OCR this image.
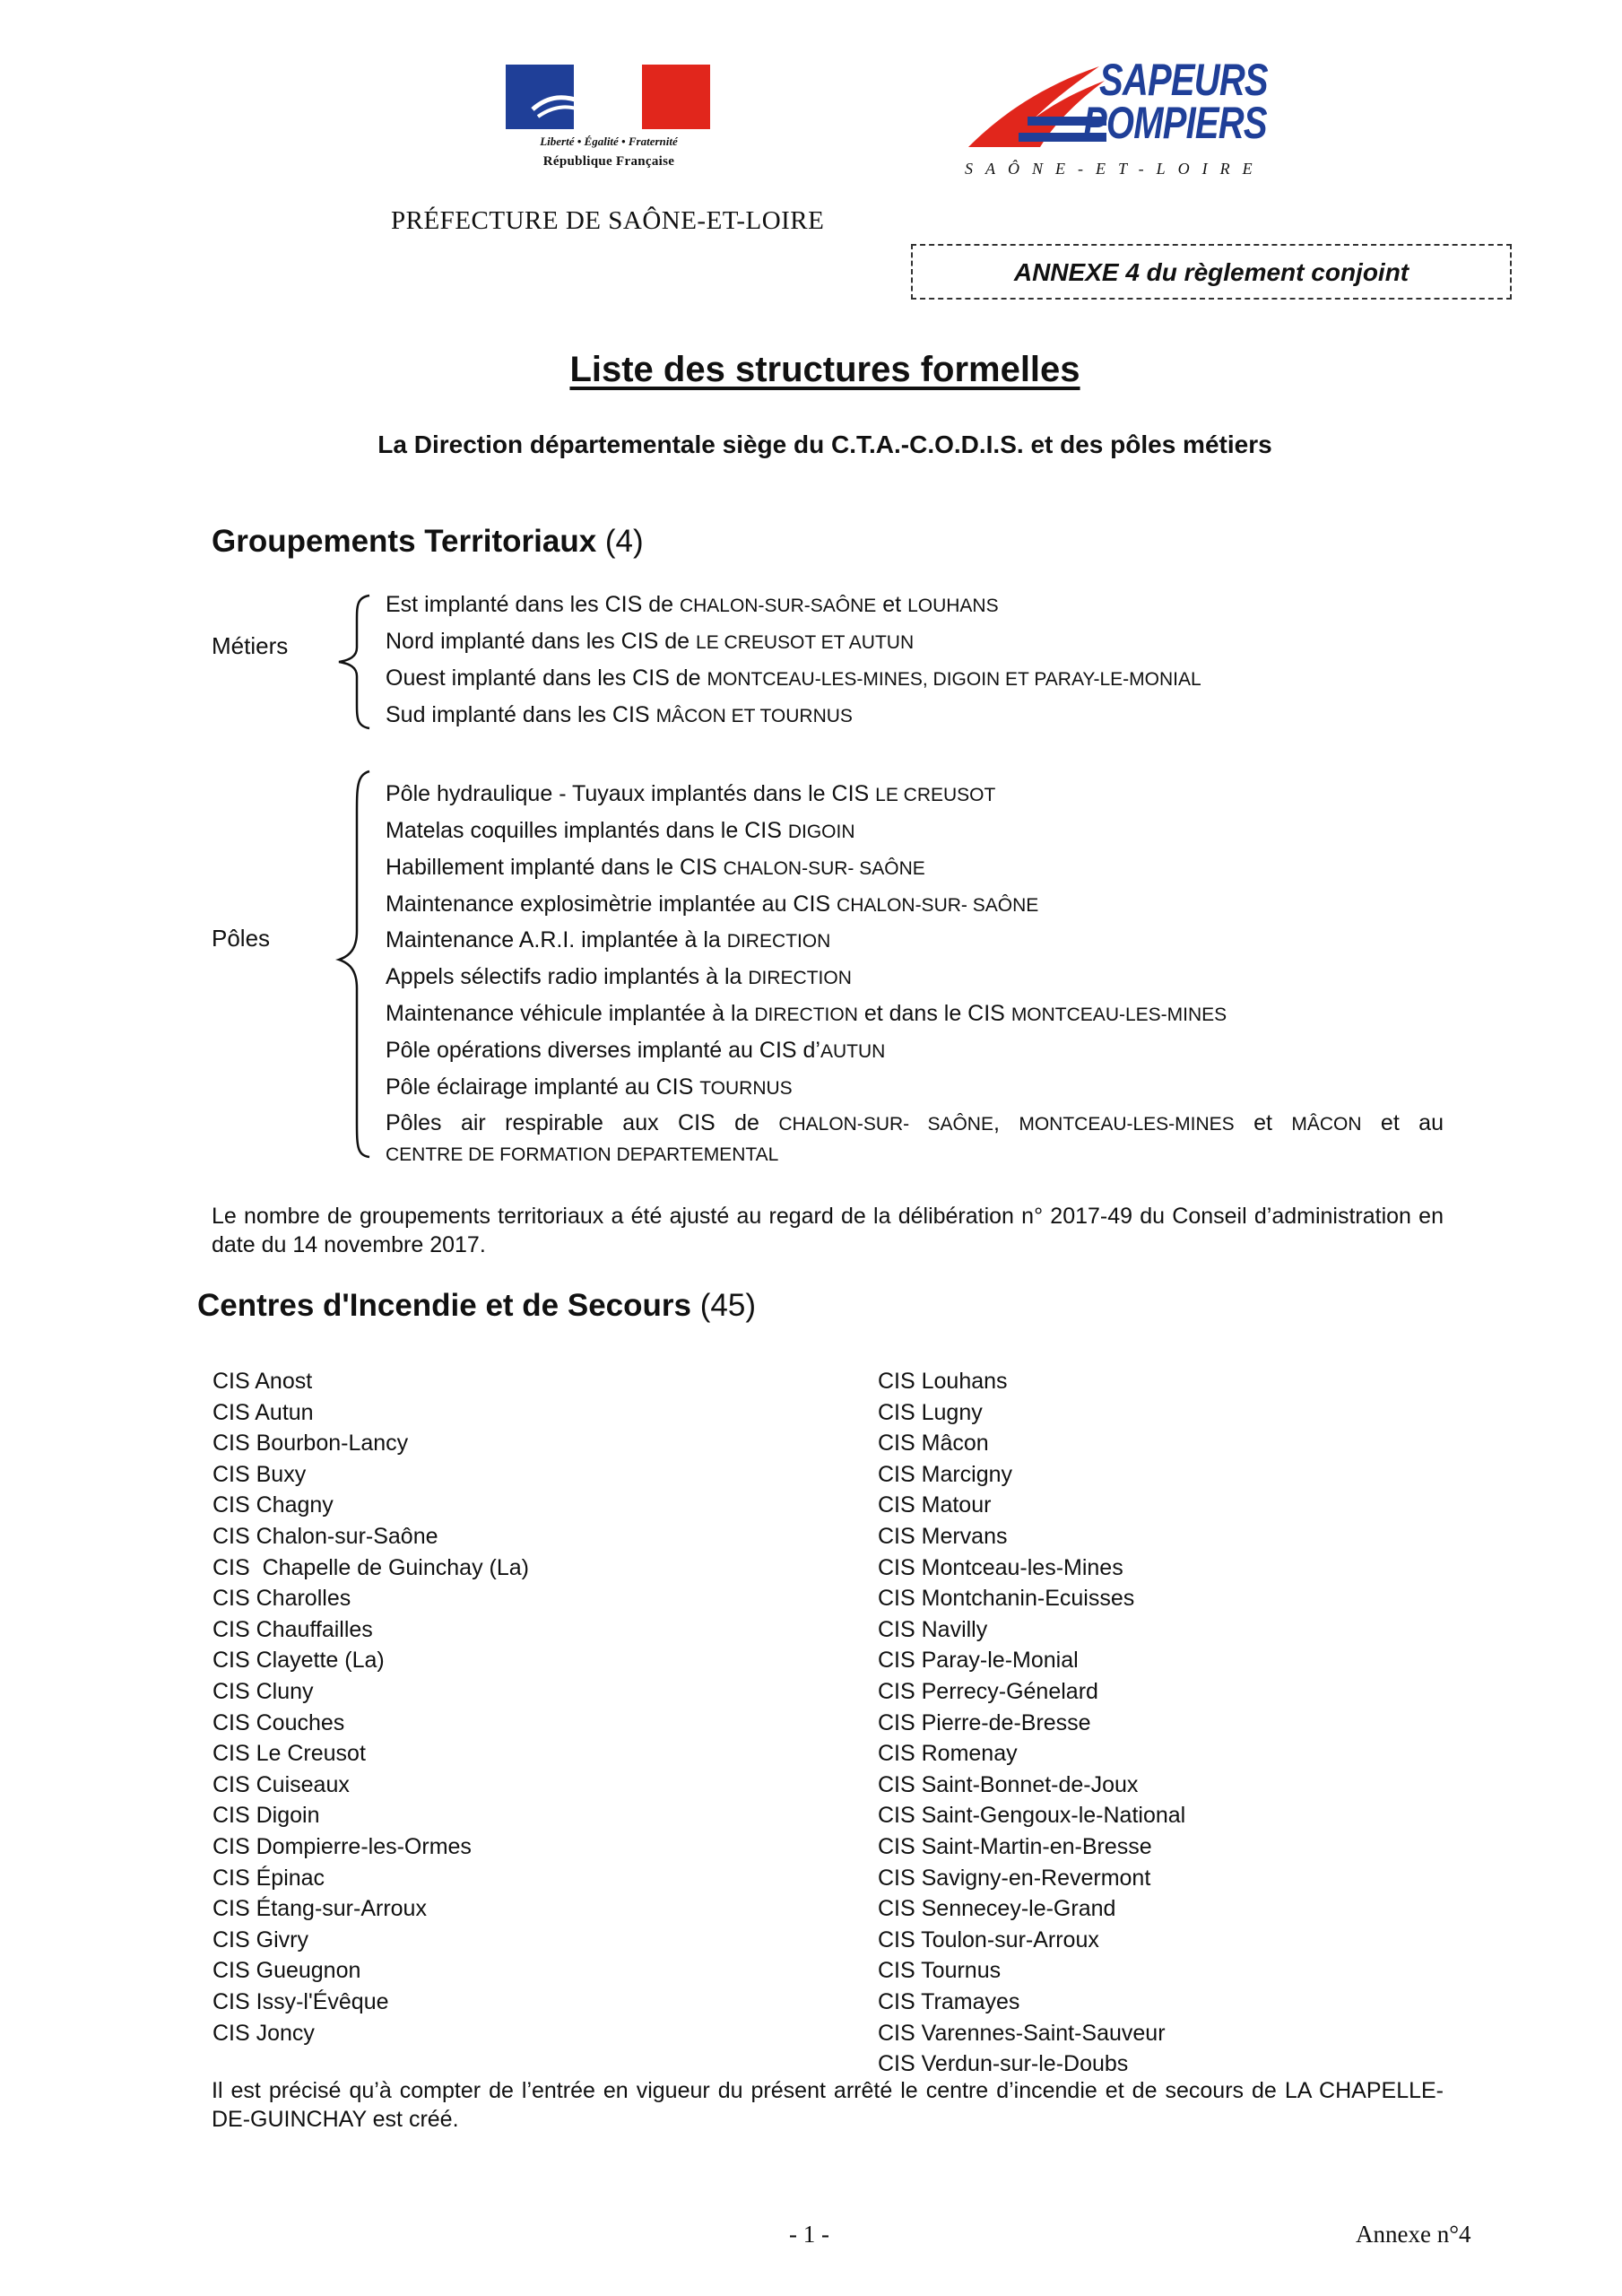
Liberté • Égalité • Fraternité
République Française
SAPEURS
POMPIERS
SAÔNE-ET-LOIRE
PRÉFECTURE DE SAÔNE-ET-LOIRE
ANNEXE 4 du règlement conjoint
Liste des structures formelles
La Direction départementale siège du C.T.A.-C.O.D.I.S. et des pôles métiers
Groupements Territoriaux (4)
Métiers
Est implanté dans les CIS de CHALON-SUR-SAÔNE et LOUHANS
Nord implanté dans les CIS de LE CREUSOT ET AUTUN
Ouest implanté dans les CIS de MONTCEAU-LES-MINES, DIGOIN ET PARAY-LE-MONIAL
Sud implanté dans les CIS MÂCON ET TOURNUS
Pôles
Pôle hydraulique - Tuyaux implantés dans le CIS LE CREUSOT
Matelas coquilles implantés dans le CIS DIGOIN
Habillement implanté dans le CIS CHALON-SUR- SAÔNE
Maintenance explosimètrie implantée au CIS CHALON-SUR- SAÔNE
Maintenance A.R.I. implantée à la DIRECTION
Appels sélectifs radio implantés à la DIRECTION
Maintenance véhicule implantée à la DIRECTION et dans le CIS MONTCEAU-LES-MINES
Pôle opérations diverses implanté au CIS d’AUTUN
Pôle éclairage implanté au CIS TOURNUS
Pôles air respirable aux CIS de CHALON-SUR- SAÔNE, MONTCEAU-LES-MINES et MÂCON et au
CENTRE DE FORMATION DEPARTEMENTAL
Le nombre de groupements territoriaux a été ajusté au regard de la délibération n° 2017-49 du Conseil d’administration en date du 14 novembre 2017.
Centres d'Incendie et de Secours (45)
CIS Anost
CIS Autun
CIS Bourbon-Lancy
CIS Buxy
CIS Chagny
CIS Chalon-sur-Saône
CIS  Chapelle de Guinchay (La)
CIS Charolles
CIS Chauffailles
CIS Clayette (La)
CIS Cluny
CIS Couches
CIS Le Creusot
CIS Cuiseaux
CIS Digoin
CIS Dompierre-les-Ormes
CIS Épinac
CIS Étang-sur-Arroux
CIS Givry
CIS Gueugnon
CIS Issy-l'Évêque
CIS Joncy
CIS Louhans
CIS Lugny
CIS Mâcon
CIS Marcigny
CIS Matour
CIS Mervans
CIS Montceau-les-Mines
CIS Montchanin-Ecuisses
CIS Navilly
CIS Paray-le-Monial
CIS Perrecy-Génelard
CIS Pierre-de-Bresse
CIS Romenay
CIS Saint-Bonnet-de-Joux
CIS Saint-Gengoux-le-National
CIS Saint-Martin-en-Bresse
CIS Savigny-en-Revermont
CIS Sennecey-le-Grand
CIS Toulon-sur-Arroux
CIS Tournus
CIS Tramayes
CIS Varennes-Saint-Sauveur
CIS Verdun-sur-le-Doubs
Il est précisé qu’à compter de l’entrée en vigueur du présent arrêté le centre d’incendie et de secours de LA CHAPELLE-DE-GUINCHAY est créé.
- 1 -	Annexe n°4
